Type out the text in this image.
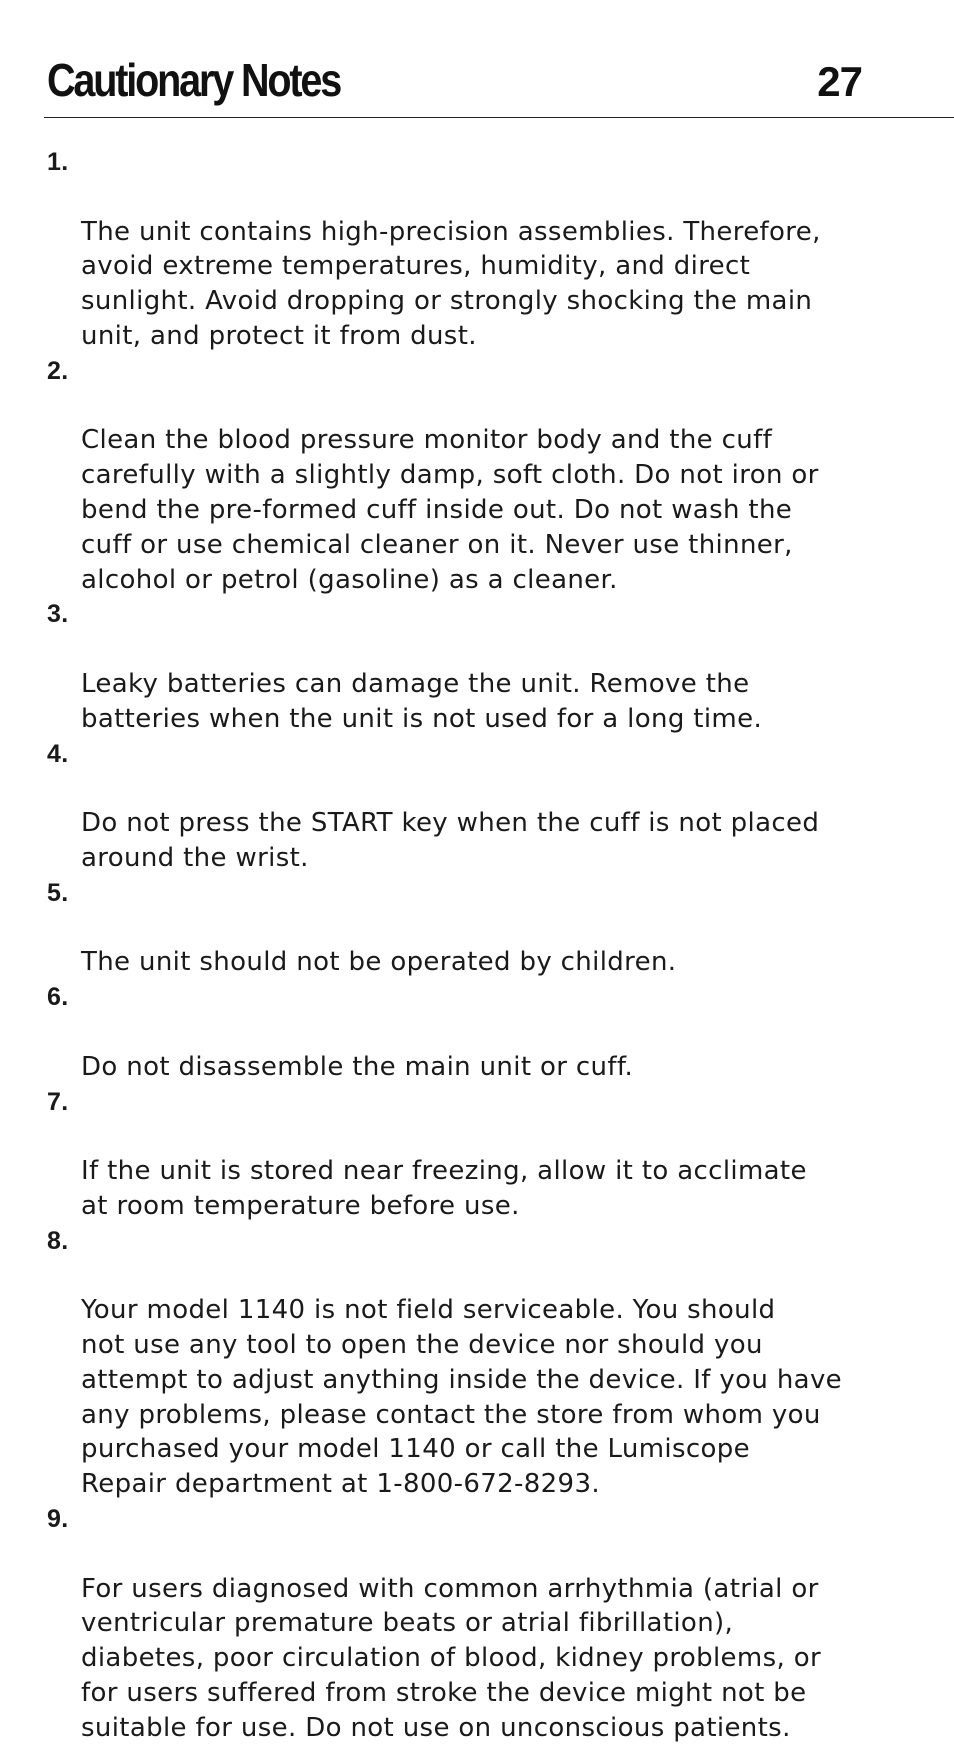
Cautionary Notes	27

1.

The unit contains high-precision assemblies. Therefore,
avoid extreme temperatures, humidity, and direct
sunlight. Avoid dropping or strongly shocking the main
unit, and protect it from dust.

2.

Clean the blood pressure monitor body and the cuff
carefully with a slightly damp, soft cloth. Do not iron or
bend the pre-formed cuff inside out. Do not wash the
cuff or use chemical cleaner on it. Never use thinner,
alcohol or petrol (gasoline) as a cleaner.

3.

Leaky batteries can damage the unit. Remove the
batteries when the unit is not used for a long time.

4.

Do not press the START key when the cuff is not placed
around the wrist.

5.

The unit should not be operated by children.

6.

Do not disassemble the main unit or cuff.

7.

If the unit is stored near freezing, allow it to acclimate
at room temperature before use.

8.

Your model 1140 is not field serviceable. You should
not use any tool to open the device nor should you
attempt to adjust anything inside the device. If you have
any problems, please contact the store from whom you
purchased your model 1140 or call the Lumiscope
Repair department at 1-800-672-8293.

9.

For users diagnosed with common arrhythmia (atrial or
ventricular premature beats or atrial fibrillation),
diabetes, poor circulation of blood, kidney problems, or
for users suffered from stroke the device might not be
suitable for use. Do not use on unconscious patients.
